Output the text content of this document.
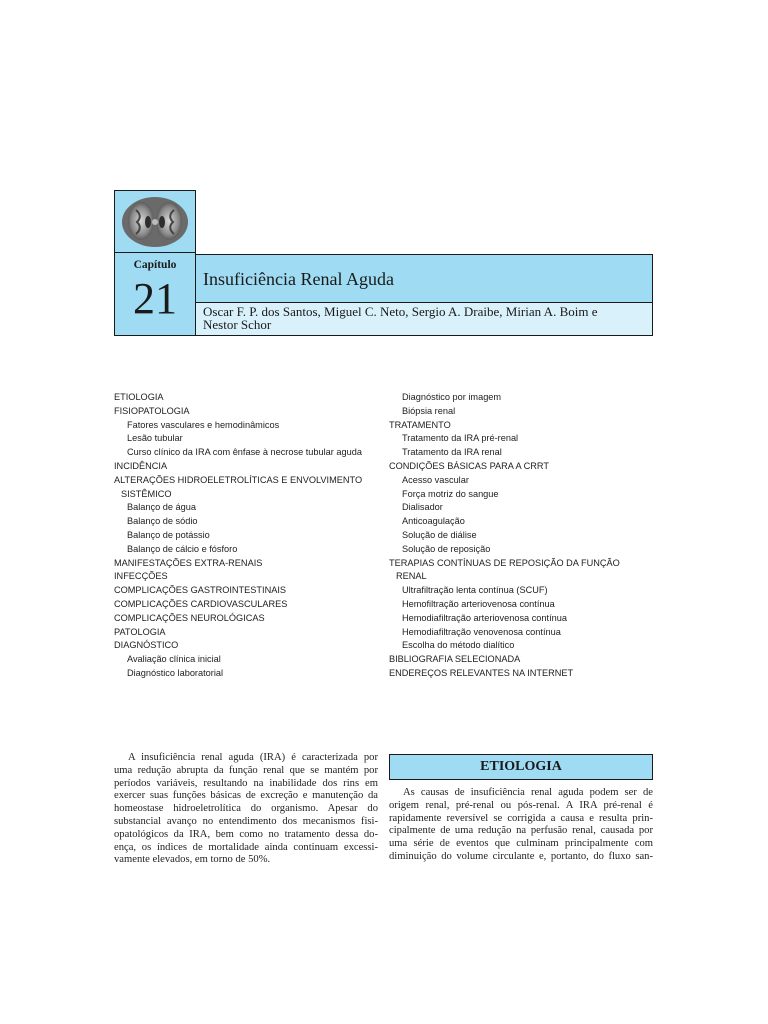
Capítulo
21	Insuficiência Renal Aguda
Oscar F. P. dos Santos, Miguel C. Neto, Sergio A. Draibe, Mirian A. Boim e
Nestor Schor
ETIOLOGIA
FISIOPATOLOGIA
Fatores vasculares e hemodinâmicos
Lesão tubular
Curso clínico da IRA com ênfase à necrose tubular aguda
INCIDÊNCIA
ALTERAÇÕES HIDROELETROLÍTICAS E ENVOLVIMENTO
SISTÊMICO
Balanço de água
Balanço de sódio
Balanço de potássio
Balanço de cálcio e fósforo
MANIFESTAÇÕES EXTRA-RENAIS
INFECÇÕES
COMPLICAÇÕES GASTROINTESTINAIS
COMPLICAÇÕES CARDIOVASCULARES
COMPLICAÇÕES NEUROLÓGICAS
PATOLOGIA
DIAGNÓSTICO
Avaliação clínica inicial
Diagnóstico laboratorial
Diagnóstico por imagem
Biópsia renal
TRATAMENTO
Tratamento da IRA pré-renal
Tratamento da IRA renal
CONDIÇÕES BÁSICAS PARA A CRRT
Acesso vascular
Força motriz do sangue
Dialisador
Anticoagulação
Solução de diálise
Solução de reposição
TERAPIAS CONTÍNUAS DE REPOSIÇÃO DA FUNÇÃO
RENAL
Ultrafiltração lenta contínua (SCUF)
Hemofiltração arteriovenosa contínua
Hemodiafiltração arteriovenosa contínua
Hemodiafiltração venovenosa contínua
Escolha do método dialítico
BIBLIOGRAFIA SELECIONADA
ENDEREÇOS RELEVANTES NA INTERNET
A insuficiência renal aguda (IRA) é caracterizada por
uma redução abrupta da função renal que se mantém por
períodos variáveis, resultando na inabilidade dos rins em
exercer suas funções básicas de excreção e manutenção da
homeostase hidroeletrolítica do organismo. Apesar do
substancial avanço no entendimento dos mecanismos fisi-
opatológicos da IRA, bem como no tratamento dessa do-
ença, os índices de mortalidade ainda continuam excessi-
vamente elevados, em torno de 50%.
ETIOLOGIA
As causas de insuficiência renal aguda podem ser de
origem renal, pré-renal ou pós-renal. A IRA pré-renal é
rapidamente reversível se corrigida a causa e resulta prin-
cipalmente de uma redução na perfusão renal, causada por
uma série de eventos que culminam principalmente com
diminuição do volume circulante e, portanto, do fluxo san-
